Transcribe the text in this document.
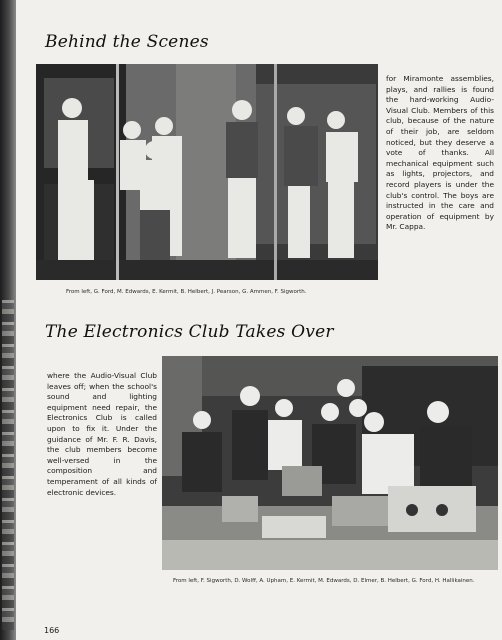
Behind the Scenes

for Miramonte assemblies, plays, and rallies is found the hard-working Audio-Visual Club. Members of this club, because of the nature of their job, are seldom noticed, but they deserve a vote of thanks. All mechanical equipment such as lights, projectors, and record players is under the club's control. The boys are instructed in the care and operation of equipment by Mr. Cappa.

From left, G. Ford, M. Edwards, E. Kermit, B. Helbert, J. Pearson, G. Ammen, F. Sigworth.

The Electronics Club Takes Over

where the Audio-Visual Club leaves off; when the school's sound and lighting equipment need repair, the Electronics Club is called upon to fix it. Under the guidance of Mr. F. R. Davis, the club members become well-versed in the composition and temperament of all kinds of electronic devices.

From left, F. Sigworth, D. Wolff, A. Upham, E. Kermit, M. Edwards, D. Elmer, B. Helbert, G. Ford, H. Hallikainen.

166
